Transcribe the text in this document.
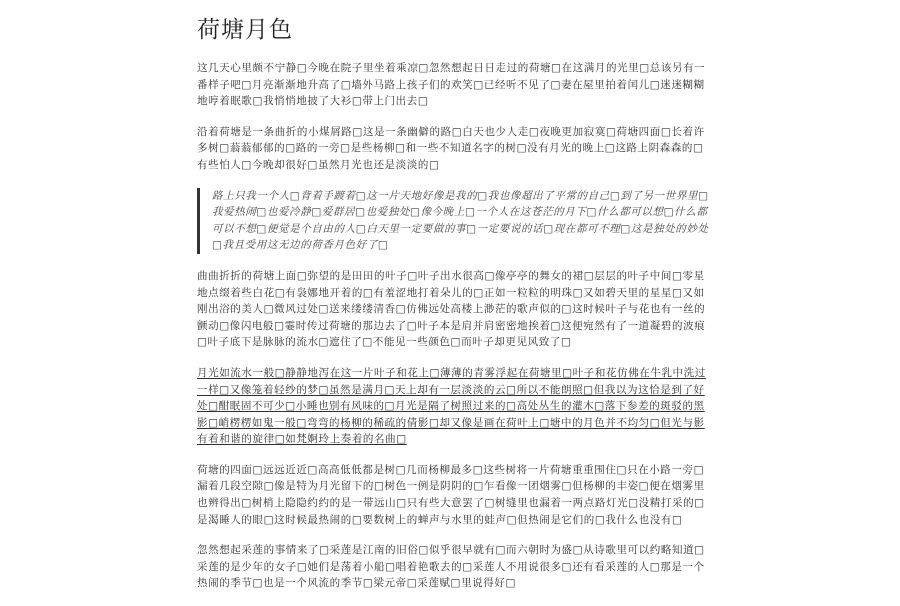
荷塘月色

这几天心里颇不宁静□今晚在院子里坐着乘凉□忽然想起日日走过的荷塘□在这满月的光里□总该另有一番样子吧□月亮渐渐地升高了□墙外马路上孩子们的欢笑□已经听不见了□妻在屋里拍着闰儿□迷迷糊糊地哼着眠歌□我悄悄地披了大衫□带上门出去□

沿着荷塘是一条曲折的小煤屑路□这是一条幽僻的路□白天也少人走□夜晚更加寂寞□荷塘四面□长着许多树□蓊蓊郁郁的□路的一旁□是些杨柳□和一些不知道名字的树□没有月光的晚上□这路上阴森森的□有些怕人□今晚却很好□虽然月光也还是淡淡的□

路上只我一个人□背着手踱着□这一片天地好像是我的□我也像超出了平常的自己□到了另一世界里□我爱热闹□也爱冷静□爱群居□也爱独处□像今晚上□一个人在这苍茫的月下□什么都可以想□什么都可以不想□便觉是个自由的人□白天里一定要做的事□一定要说的话□现在都可不理□这是独处的妙处□我且受用这无边的荷香月色好了□

曲曲折折的荷塘上面□弥望的是田田的叶子□叶子出水很高□像亭亭的舞女的裙□层层的叶子中间□零星地点缀着些白花□有袅娜地开着的□有羞涩地打着朵儿的□正如一粒粒的明珠□又如碧天里的星星□又如刚出浴的美人□微风过处□送来缕缕清香□仿佛远处高楼上渺茫的歌声似的□这时候叶子与花也有一丝的颤动□像闪电般□霎时传过荷塘的那边去了□叶子本是肩并肩密密地挨着□这便宛然有了一道凝碧的波痕□叶子底下是脉脉的流水□遮住了□不能见一些颜色□而叶子却更见风致了□

月光如流水一般□静静地泻在这一片叶子和花上□薄薄的青雾浮起在荷塘里□叶子和花仿佛在牛乳中洗过一样□又像笼着轻纱的梦□虽然是满月□天上却有一层淡淡的云□所以不能朗照□但我以为这恰是到了好处□酣眠固不可少□小睡也别有风味的□月光是隔了树照过来的□高处丛生的灌木□落下参差的斑驳的黑影□峭楞楞如鬼一般□弯弯的杨柳的稀疏的倩影□却又像是画在荷叶上□塘中的月色并不均匀□但光与影有着和谐的旋律□如梵婀玲上奏着的名曲□

荷塘的四面□远远近近□高高低低都是树□几而杨柳最多□这些树将一片荷塘重重围住□只在小路一旁□漏着几段空隙□像是特为月光留下的□树色一例是阴阴的□乍看像一团烟雾□但杨柳的丰姿□便在烟雾里也辨得出□树梢上隐隐约约的是一带远山□只有些大意罢了□树缝里也漏着一两点路灯光□没精打采的□是渴睡人的眼□这时候最热闹的□要数树上的蝉声与水里的蛙声□但热闹是它们的□我什么也没有□

忽然想起采莲的事情来了□采莲是江南的旧俗□似乎很早就有□而六朝时为盛□从诗歌里可以约略知道□采莲的是少年的女子□她们是荡着小船□唱着艳歌去的□采莲人不用说很多□还有看采莲的人□那是一个热闹的季节□也是一个风流的季节□梁元帝□采莲赋□里说得好□
